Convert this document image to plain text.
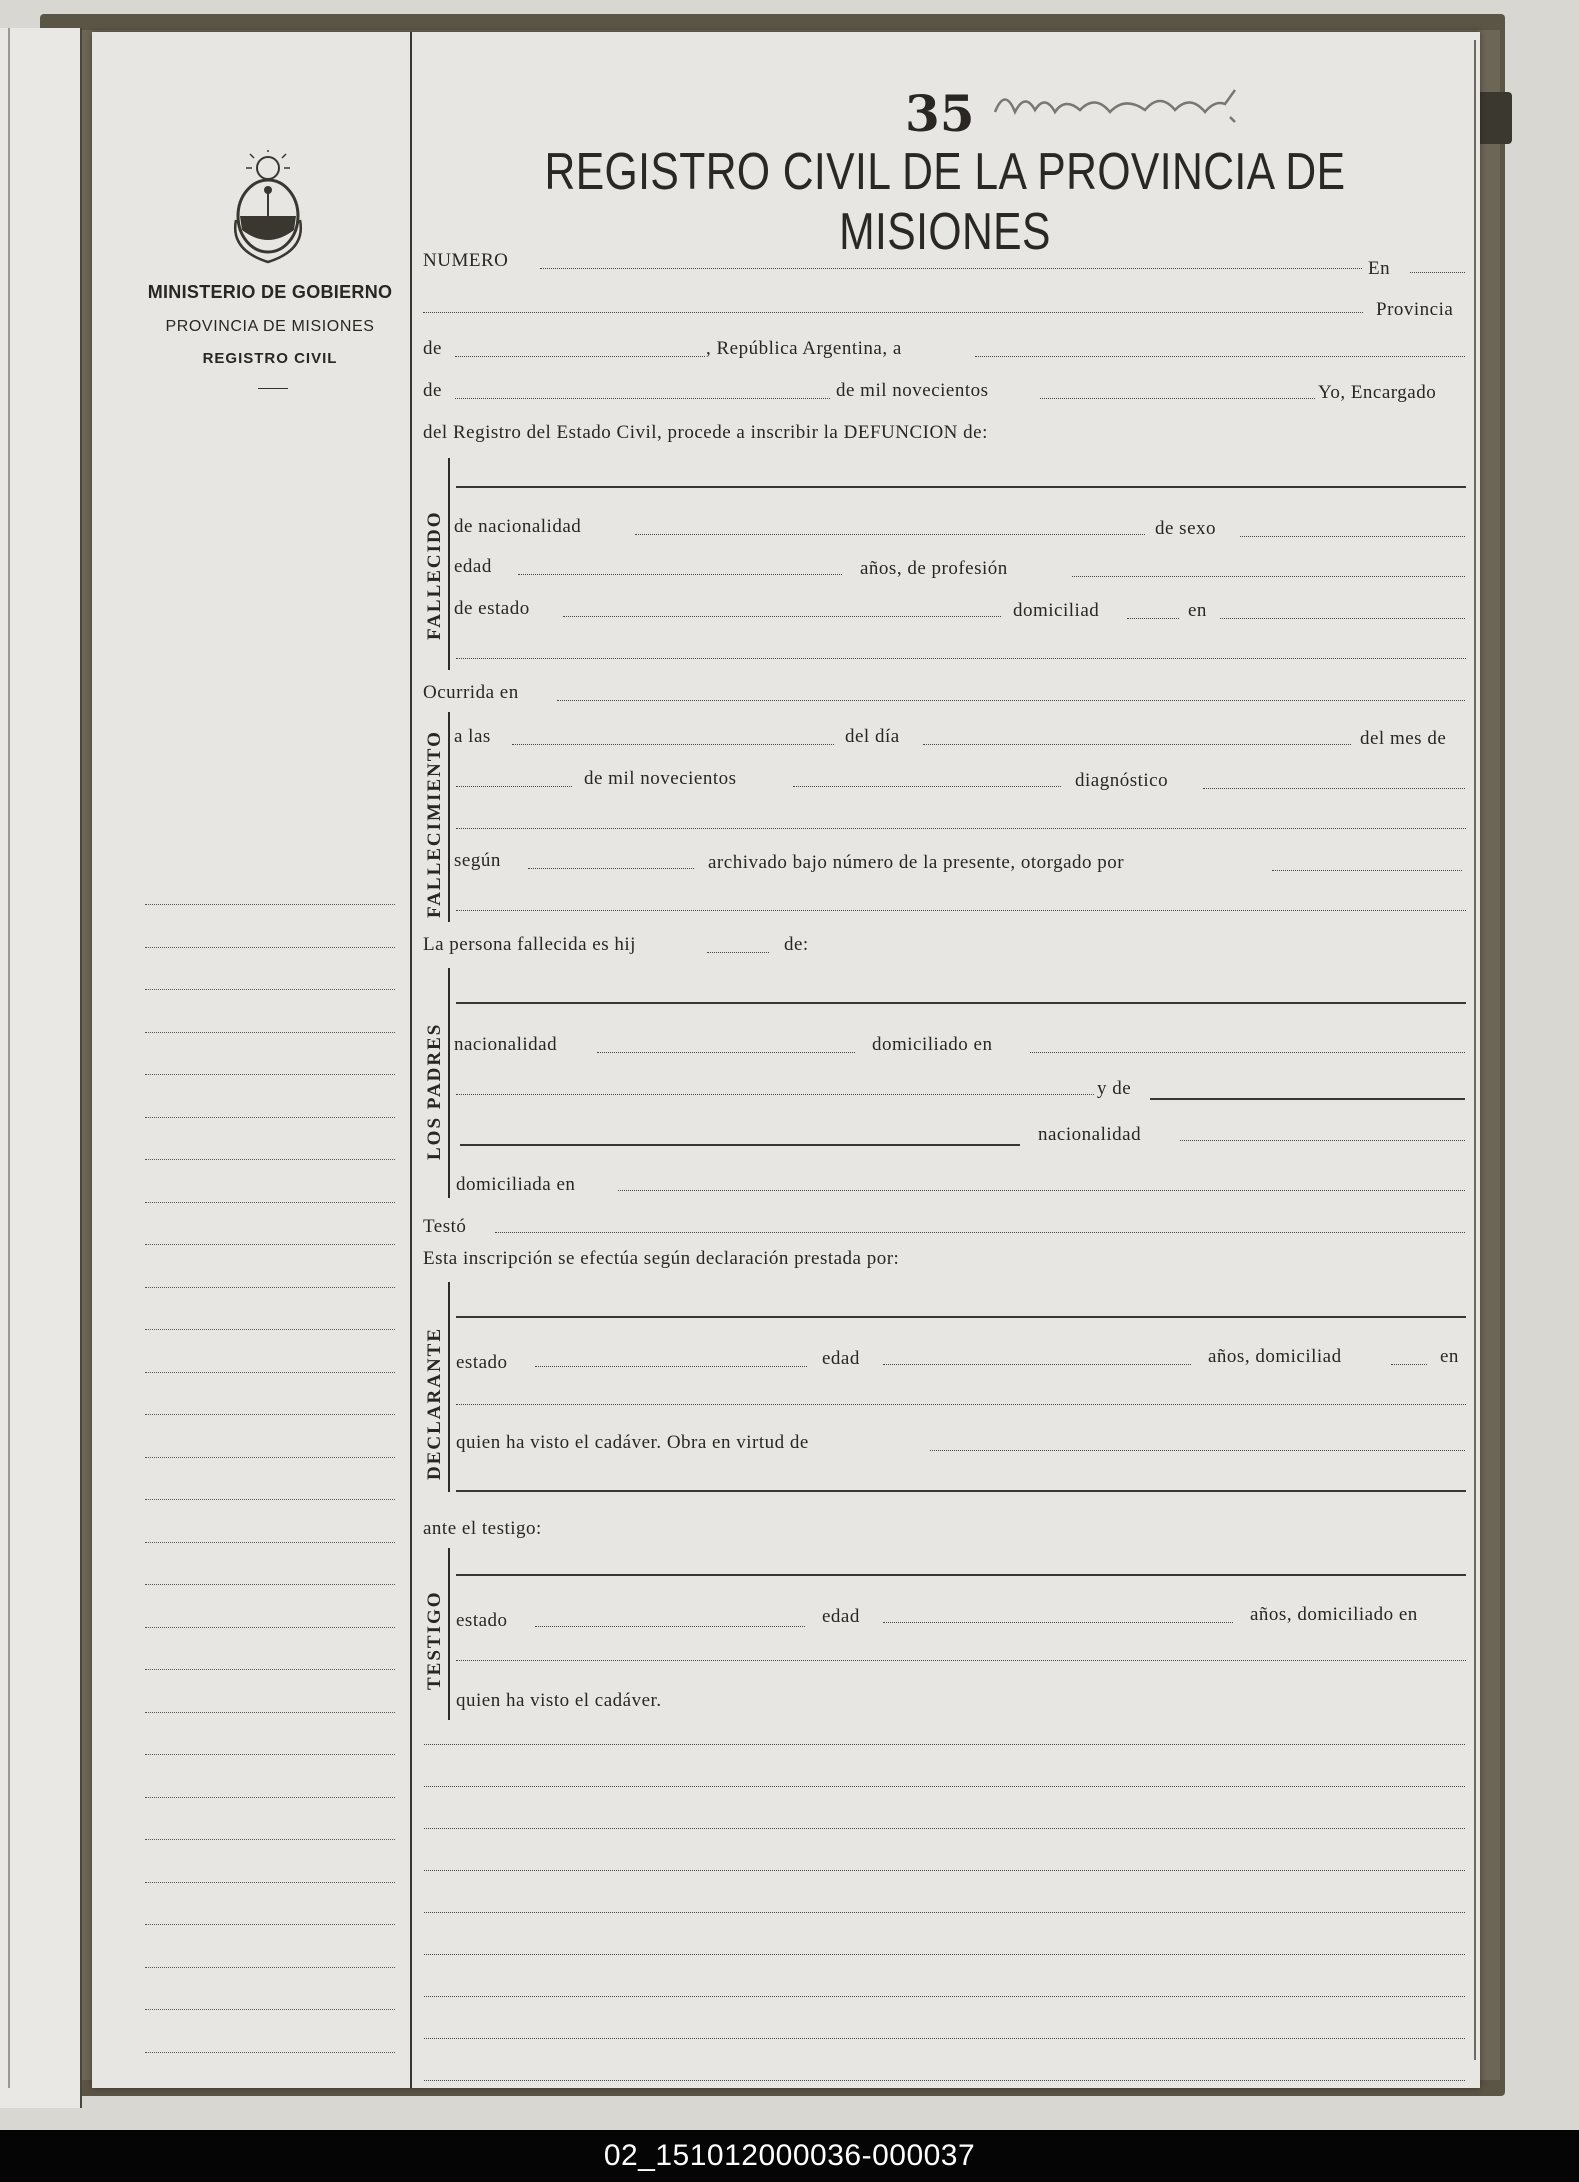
MINISTERIO DE GOBIERNO
PROVINCIA DE MISIONES
REGISTRO CIVIL
35
REGISTRO CIVIL DE LA PROVINCIA DE MISIONES
NUMERO	En
Provincia
de	, República Argentina, a
de	de mil novecientos	Yo, Encargado
del Registro del Estado Civil, procede a inscribir la DEFUNCION de:
FALLECIDO de nacionalidad	de sexo
edad	años, de profesión
de estado	domiciliad	en
Ocurrida en
FALLECIMIENTO a las	del día	del mes de
de mil novecientos	diagnóstico
según	archivado bajo número de la presente, otorgado por
La persona fallecida es hij	de:
LOS PADRES nacionalidad	domiciliado en
y de
nacionalidad
domiciliada en
Testó
Esta inscripción se efectúa según declaración prestada por:
DECLARANTE estado	edad	años, domiciliad	en
quien ha visto el cadáver. Obra en virtud de
ante el testigo:
TESTIGO estado	edad	años, domiciliado en
quien ha visto el cadáver.
02_151012000036-000037
